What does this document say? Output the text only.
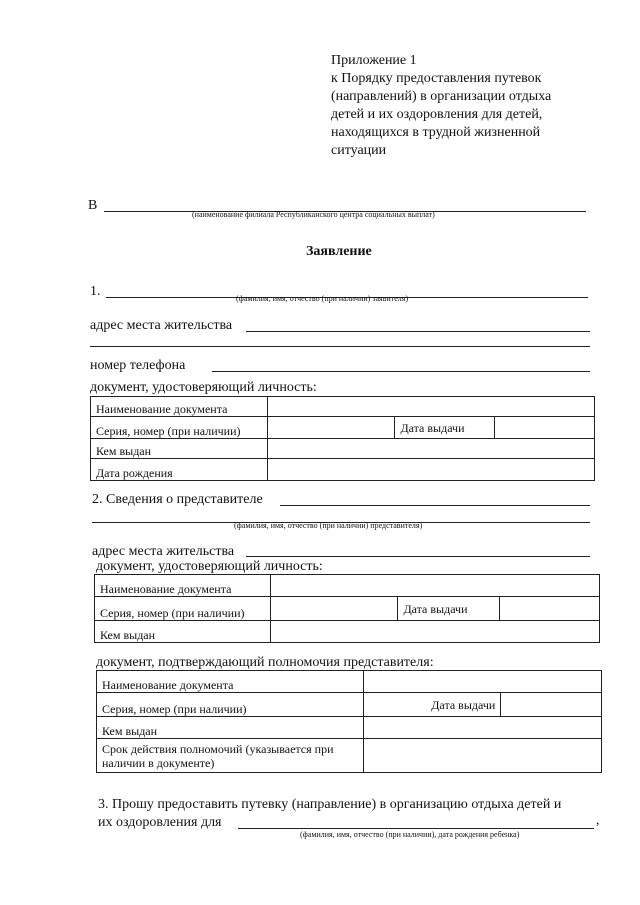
Приложение 1
к Порядку предоставления путевок
(направлений) в организации отдыха
детей и их оздоровления для детей,
находящихся в трудной жизненной
ситуации
В
(наименование филиала Республиканского центра социальных выплат)
Заявление
1.	(фамилия, имя, отчество (при наличии) заявителя)
адрес места жительства
номер телефона
документ, удостоверяющий личность:
Наименование документа			
Серия, номер (при наличии)		Дата выдачи	
Кем выдан			
Дата рождения			
2. Сведения о представителе
(фамилия, имя, отчество (при наличии) представителя)
адрес места жительства
документ, удостоверяющий личность:
Наименование документа			
Серия, номер (при наличии)		Дата выдачи	
Кем выдан			
документ, подтверждающий полномочия представителя:
Наименование документа		
Серия, номер (при наличии)	Дата выдачи	
Кем выдан		
Срок действия полномочий (указывается при наличии в документе)		
3. Прошу предоставить путевку (направление) в организацию отдыха детей и
их оздоровления для	,
(фамилия, имя, отчество (при наличии), дата рождения ребенка)
